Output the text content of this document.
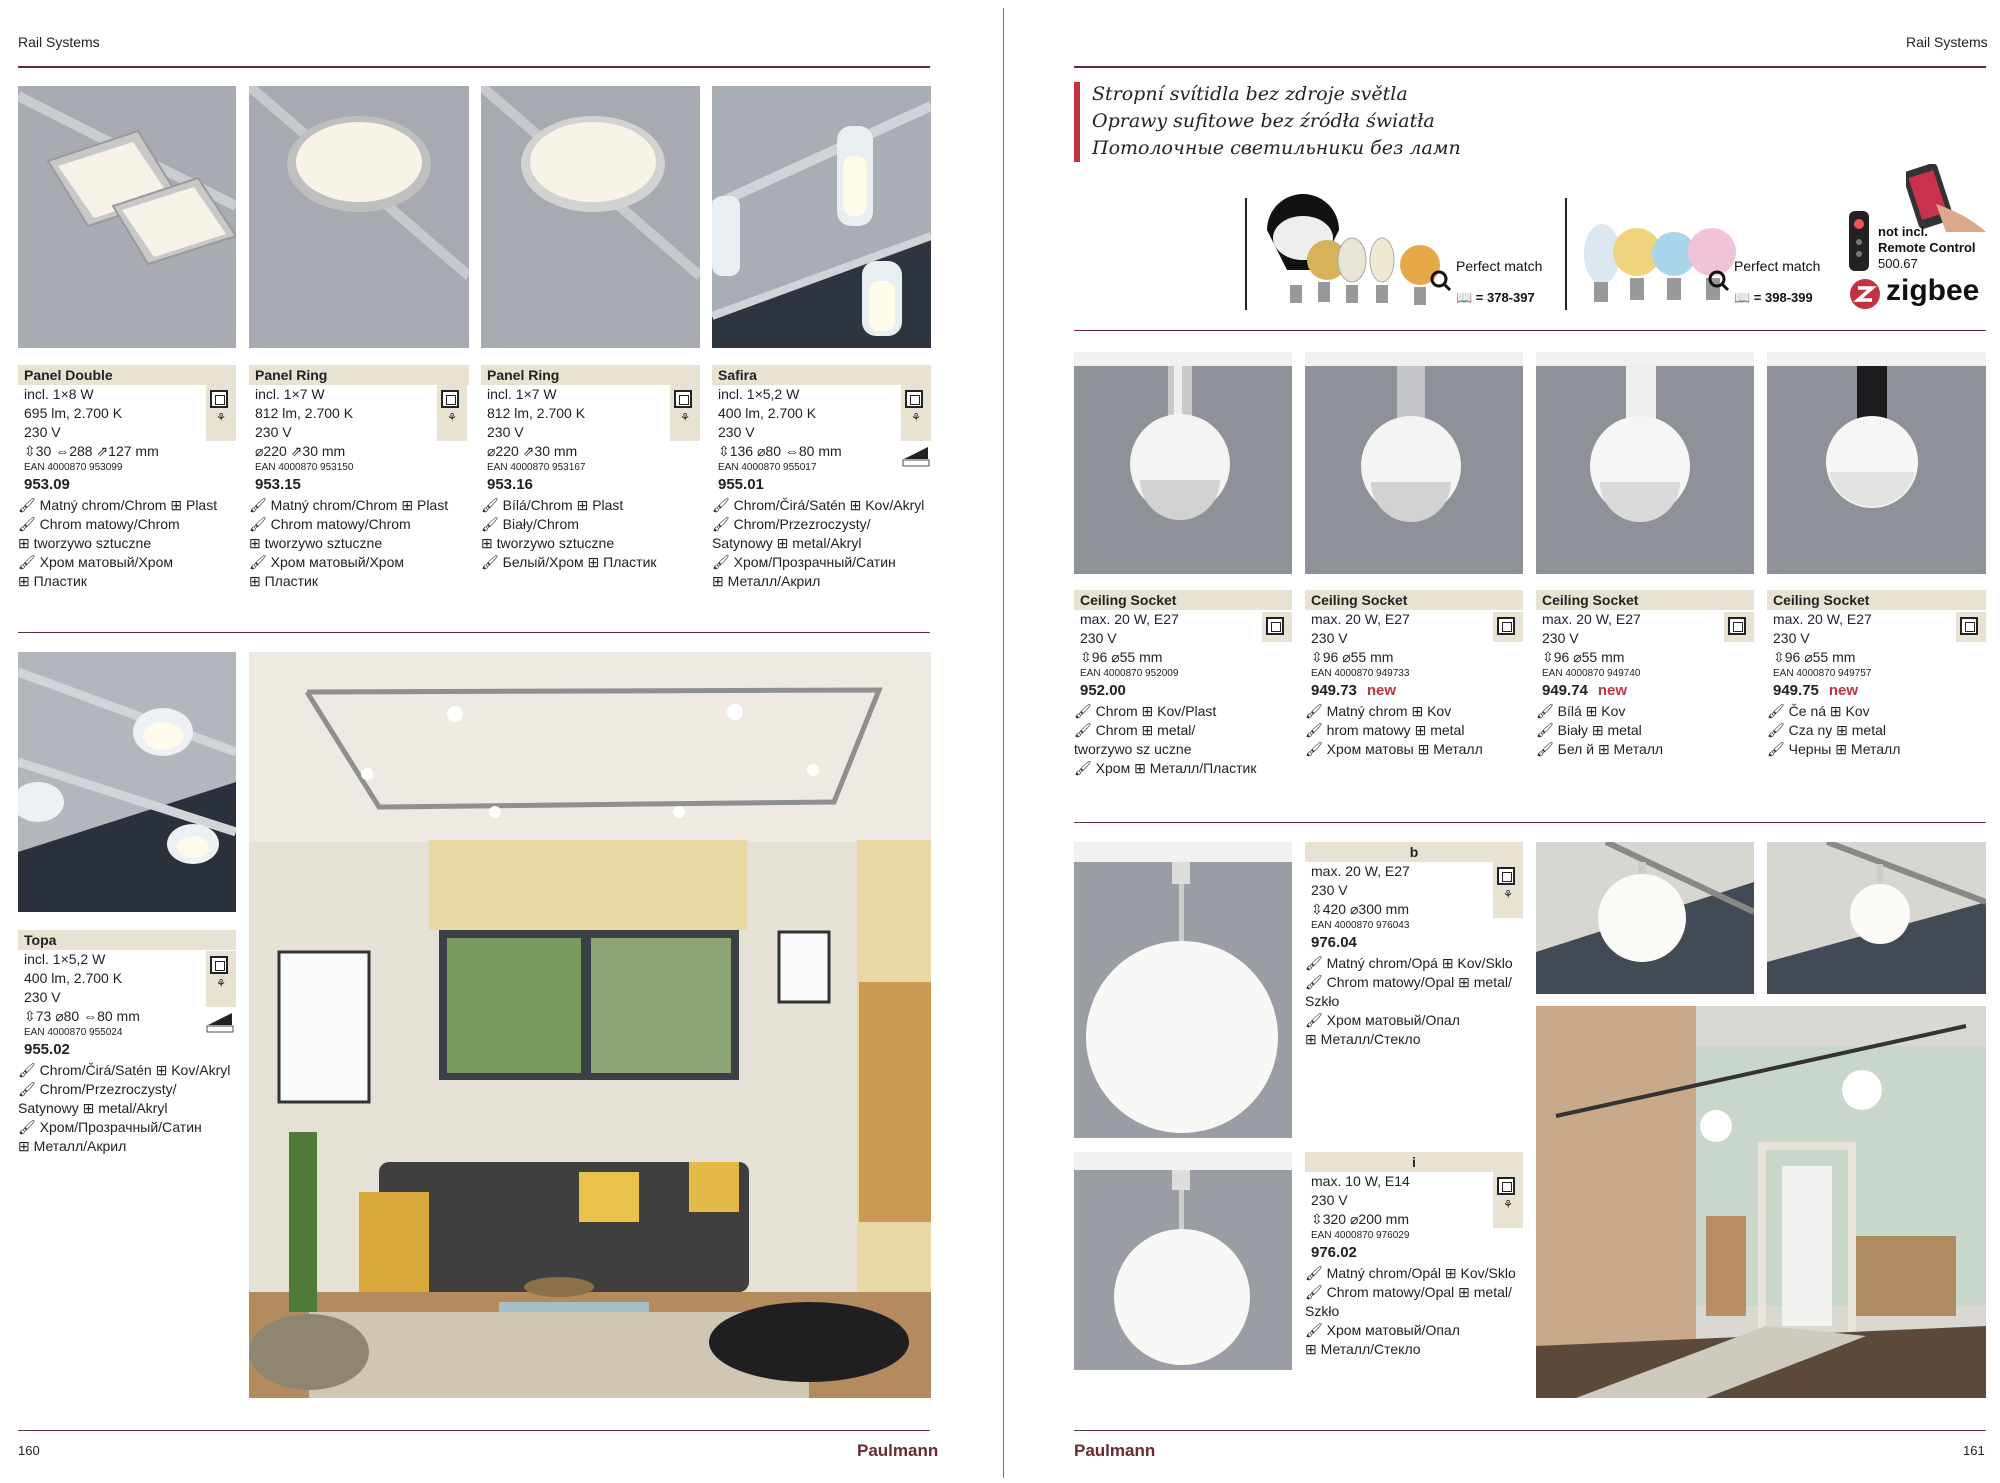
Rail Systems
Panel Double
incl. 1×8 W
695 lm, 2.700 K
230 V
⇳30 ⇔288 ⇗127 mm
EAN 4000870 953099
953.09
🖌 Matný chrom/Chrom ⊞ Plast
🖌 Chrom matowy/Chrom
⊞ tworzywo sztuczne
🖌 Хром матовый/Хром
⊞ Пластик
⚘
Panel Ring
incl. 1×7 W
812 lm, 2.700 K
230 V
⌀220 ⇗30 mm
EAN 4000870 953150
953.15
🖌 Matný chrom/Chrom ⊞ Plast
🖌 Chrom matowy/Chrom
⊞ tworzywo sztuczne
🖌 Хром матовый/Хром
⊞ Пластик
⚘
Panel Ring
incl. 1×7 W
812 lm, 2.700 K
230 V
⌀220 ⇗30 mm
EAN 4000870 953167
953.16
🖌 Bílá/Chrom ⊞ Plast
🖌 Biały/Chrom
⊞ tworzywo sztuczne
🖌 Белый/Хром ⊞ Пластик
⚘
Safira
incl. 1×5,2 W
400 lm, 2.700 K
230 V
⇳136 ⌀80 ⇔80 mm
EAN 4000870 955017
955.01
🖌 Chrom/Čirá/Satén ⊞ Kov/Akryl
🖌 Chrom/Przezroczysty/
Satynowy ⊞ metal/Akryl
🖌 Хром/Прозрачный/Сатин
⊞ Металл/Акрил
⚘
Topa
incl. 1×5,2 W
400 lm, 2.700 K
230 V
⇳73 ⌀80 ⇔80 mm
EAN 4000870 955024
955.02
🖌 Chrom/Čirá/Satén ⊞ Kov/Akryl
🖌 Chrom/Przezroczysty/
Satynowy ⊞ metal/Akryl
🖌 Хром/Прозрачный/Сатин
⊞ Металл/Акрил
⚘
160	Paulmann
Rail Systems
Stropní svítidla bez zdroje světla
Oprawy sufitowe bez źródła światła
Потолочные светильники без ламп
Perfect match
📖 = 378-397
Perfect match
📖 = 398-399
not incl.
Remote Control
500.67
zigbee
Ceiling Socket
max. 20 W, E27
230 V
⇳96 ⌀55 mm
EAN 4000870 952009
952.00
🖌 Chrom ⊞ Kov/Plast
🖌 Chrom ⊞ metal/
tworzywo sz uczne
🖌 Хром ⊞ Металл/Пластик
Ceiling Socket
max. 20 W, E27
230 V
⇳96 ⌀55 mm
EAN 4000870 949733
949.73 new
🖌 Matný chrom ⊞ Kov
🖌 hrom matowy ⊞ metal
🖌 Хром матовы ⊞ Металл
Ceiling Socket
max. 20 W, E27
230 V
⇳96 ⌀55 mm
EAN 4000870 949740
949.74 new
🖌 Bílá ⊞ Kov
🖌 Biały ⊞ metal
🖌 Бел й ⊞ Металл
Ceiling Socket
max. 20 W, E27
230 V
⇳96 ⌀55 mm
EAN 4000870 949757
949.75 new
🖌 Če ná ⊞ Kov
🖌 Cza ny ⊞ metal
🖌 Черны ⊞ Металл
b
max. 20 W, E27
230 V
⇳420 ⌀300 mm
EAN 4000870 976043
976.04
🖌 Matný chrom/Opá ⊞ Kov/Sklo
🖌 Chrom matowy/Opal ⊞ metal/
Szkło
🖌 Хром матовый/Опал
⊞ Металл/Стекло
⚘
i
max. 10 W, E14
230 V
⇳320 ⌀200 mm
EAN 4000870 976029
976.02
🖌 Matný chrom/Opál ⊞ Kov/Sklo
🖌 Chrom matowy/Opal ⊞ metal/
Szkło
🖌 Хром матовый/Опал
⊞ Металл/Стекло
⚘
Paulmann	161
